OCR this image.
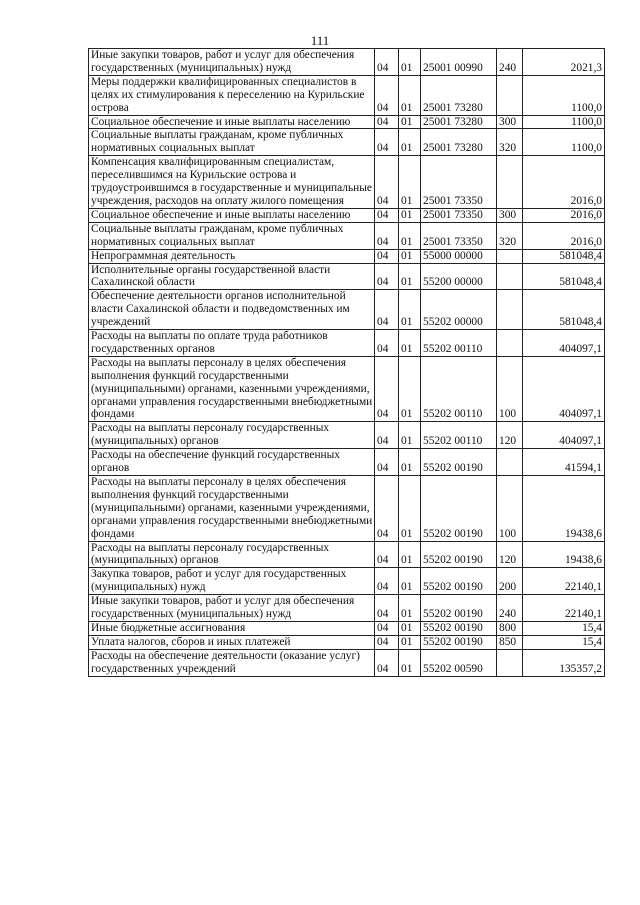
111
Иные закупки товаров, работ и услуг для обеспечения государственных (муниципальных) нужд	04	01	25001 00990	240	2021,3
Меры поддержки квалифицированных специалистов в целях их стимулирования к переселению на Курильские острова	04	01	25001 73280		1100,0
Социальное обеспечение и иные выплаты населению	04	01	25001 73280	300	1100,0
Социальные выплаты гражданам, кроме публичных нормативных социальных выплат	04	01	25001 73280	320	1100,0
Компенсация квалифицированным специалистам, переселившимся на Курильские острова и трудоустроившимся в государственные и муниципальные учреждения, расходов на оплату жилого помещения	04	01	25001 73350		2016,0
Социальное обеспечение и иные выплаты населению	04	01	25001 73350	300	2016,0
Социальные выплаты гражданам, кроме публичных нормативных социальных выплат	04	01	25001 73350	320	2016,0
Непрограммная деятельность	04	01	55000 00000		581048,4
Исполнительные органы государственной власти Сахалинской области	04	01	55200 00000		581048,4
Обеспечение деятельности органов исполнительной власти Сахалинской области и подведомственных им учреждений	04	01	55202 00000		581048,4
Расходы на выплаты по оплате труда работников государственных органов	04	01	55202 00110		404097,1
Расходы на выплаты персоналу в целях обеспечения выполнения функций государственными (муниципальными) органами, казенными учреждениями, органами управления государственными внебюджетными фондами	04	01	55202 00110	100	404097,1
Расходы на выплаты персоналу государственных (муниципальных) органов	04	01	55202 00110	120	404097,1
Расходы на обеспечение функций государственных органов	04	01	55202 00190		41594,1
Расходы на выплаты персоналу в целях обеспечения выполнения функций государственными (муниципальными) органами, казенными учреждениями, органами управления государственными внебюджетными фондами	04	01	55202 00190	100	19438,6
Расходы на выплаты персоналу государственных (муниципальных) органов	04	01	55202 00190	120	19438,6
Закупка товаров, работ и услуг для государственных (муниципальных) нужд	04	01	55202 00190	200	22140,1
Иные закупки товаров, работ и услуг для обеспечения государственных (муниципальных) нужд	04	01	55202 00190	240	22140,1
Иные бюджетные ассигнования	04	01	55202 00190	800	15,4
Уплата налогов, сборов и иных платежей	04	01	55202 00190	850	15,4
Расходы на обеспечение деятельности (оказание услуг) государственных учреждений	04	01	55202 00590		135357,2
